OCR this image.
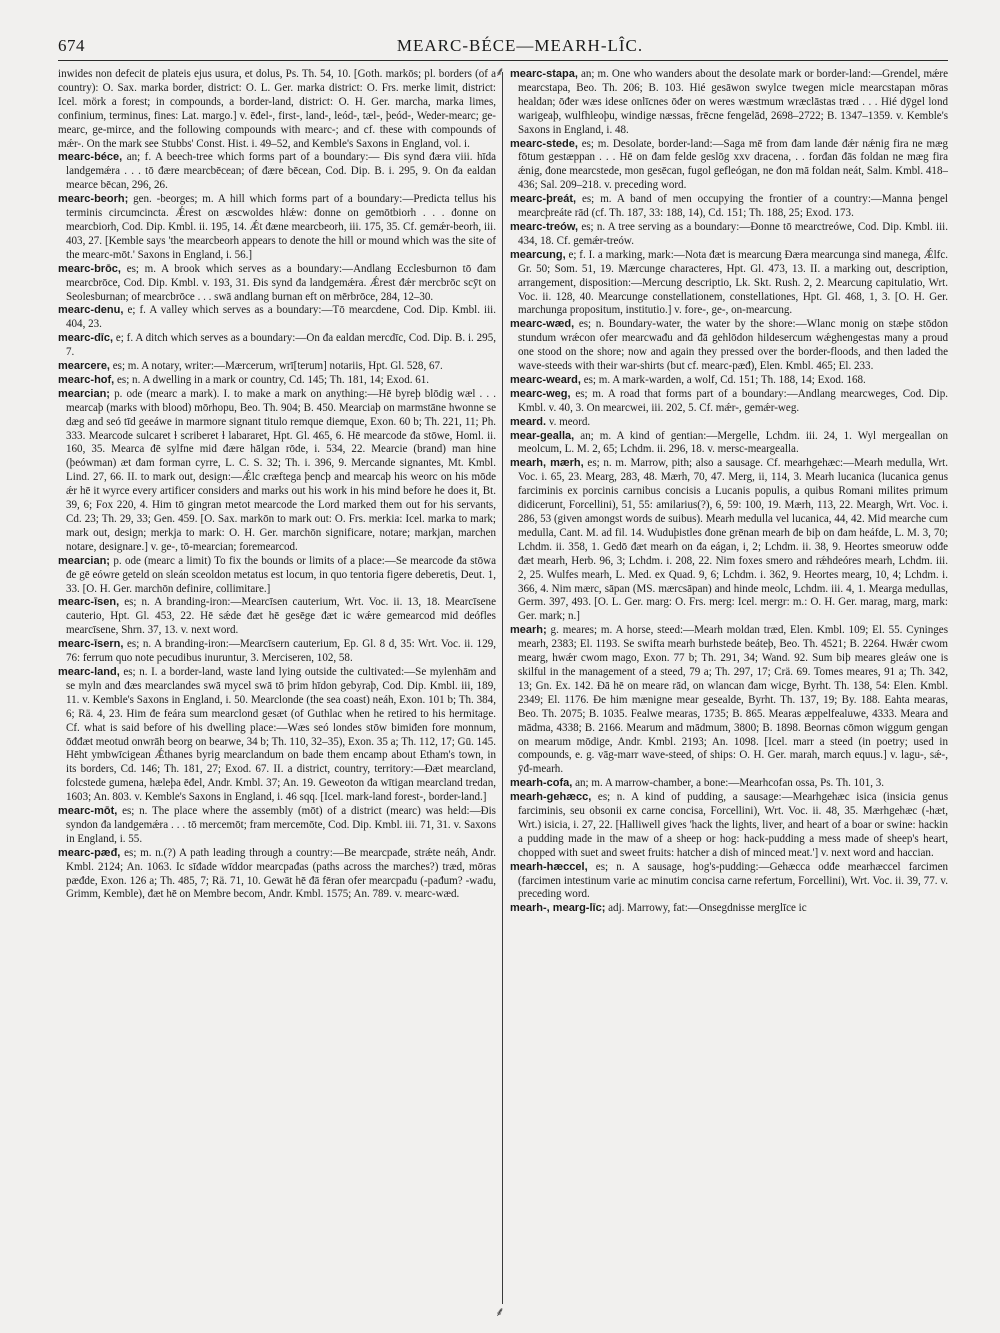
674	MEARC-BÉCE—MEARH-LÎC.
⸙
⸙

inwides non defecit de plateis ejus usura, et dolus, Ps. Th. 54, 10. [Goth. markōs; pl. borders (of a country): O. Sax. marka border, district: O. L. Ger. marka district: O. Frs. merke limit, district: Icel. mörk a forest; in compounds, a border-land, district: O. H. Ger. marcha, marka limes, confinium, terminus, fines: Lat. margo.] v. ēđel-, first-, land-, leód-, tæl-, þeód-, Weder-mearc; ge-mearc, ge-mirce, and the following compounds with mearc-; and cf. these with compounds of mǽr-. On the mark see Stubbs' Const. Hist. i. 49–52, and Kemble's Saxons in England, vol. i.

mearc-béce, an; f. A beech-tree which forms part of a boundary:— Ðis synd đæra viii. hīda landgemǽra . . . tō đære mearcbēcean; of đære bēcean, Cod. Dip. B. i. 295, 9. On đa ealdan mearce bēcan, 296, 26.

mearc-beorh; gen. -beorges; m. A hill which forms part of a boundary:—Predicta tellus his terminis circumcincta. Ǽrest on æscwoldes hlǽw: đonne on gemōtbiorh . . . đonne on mearcbiorh, Cod. Dip. Kmbl. ii. 195, 14. Ǽt đæne mearcbeorh, iii. 175, 35. Cf. gemǽr-beorh, iii. 403, 27. [Kemble says 'the mearcbeorh appears to denote the hill or mound which was the site of the mearc-mōt.' Saxons in England, i. 56.]

mearc-brōc, es; m. A brook which serves as a boundary:—Andlang Ecclesburnon tō đam mearcbrōce, Cod. Dip. Kmbl. v. 193, 31. Ðis synd đa landgemǽra. Ǽrest đǽr mercbrōc scȳt on Seolesburnan; of mearcbrōce . . . swā andlang burnan eft on mērbrōce, 284, 12–30.

mearc-denu, e; f. A valley which serves as a boundary:—Tō mearcdene, Cod. Dip. Kmbl. iii. 404, 23.

mearc-dīc, e; f. A ditch which serves as a boundary:—On đa ealdan mercdīc, Cod. Dip. B. i. 295, 7.

mearcere, es; m. A notary, writer:—Mærcerum, wrī[terum] notariis, Hpt. Gl. 528, 67.

mearc-hof, es; n. A dwelling in a mark or country, Cd. 145; Th. 181, 14; Exod. 61.

mearcian; p. ode (mearc a mark). I. to make a mark on anything:—Hē byreþ blōdig wæl . . . mearcaþ (marks with blood) mōrhopu, Beo. Th. 904; B. 450. Mearciaþ on marmstāne hwonne se dæg and seó tīd geeáwe in marmore signant titulo remque diemque, Exon. 60 b; Th. 221, 11; Ph. 333. Mearcode sulcaret ɫ scriberet ɫ labararet, Hpt. Gl. 465, 6. Hē mearcode đa stōwe, Homl. ii. 160, 35. Mearca đē sylfne mid đære hālgan rōde, i. 534, 22. Mearcie (brand) man hine (þeówman) æt đam forman cyrre, L. C. S. 32; Th. i. 396, 9. Mercande signantes, Mt. Kmbl. Lind. 27, 66. II. to mark out, design:—Ǽlc cræftega þencþ and mearcaþ his weorc on his mōde ǽr hē it wyrce every artificer considers and marks out his work in his mind before he does it, Bt. 39, 6; Fox 220, 4. Him tō gingran metot mearcode the Lord marked them out for his servants, Cd. 23; Th. 29, 33; Gen. 459. [O. Sax. markōn to mark out: O. Frs. merkia: Icel. marka to mark; mark out, design; merkja to mark: O. H. Ger. marchōn significare, notare; markjan, marchen notare, designare.] v. ge-, tō-mearcian; foremearcod.

mearcian; p. ode (mearc a limit) To fix the bounds or limits of a place:—Se mearcode đa stōwa đe gē eówre geteld on sleán sceoldon metatus est locum, in quo tentoria figere deberetis, Deut. 1, 33. [O. H. Ger. marchōn definire, collimitare.]

mearc-īsen, es; n. A branding-iron:—Mearcīsen cauterium, Wrt. Voc. ii. 13, 18. Mearcīsene cauterio, Hpt. Gl. 453, 22. Hē sǽde đæt hē gesēge đæt ic wǽre gemearcod mid deófles mearcīsene, Shrn. 37, 13. v. next word.

mearc-īsern, es; n. A branding-iron:—Mearcīsern cauterium, Ep. Gl. 8 d, 35: Wrt. Voc. ii. 129, 76: ferrum quo note pecudibus inuruntur, 3. Merciseren, 102, 58.

mearc-land, es; n. I. a border-land, waste land lying outside the cultivated:—Se mylenhām and se myln and đæs mearclandes swā mycel swā tō þrim hīdon gebyraþ, Cod. Dip. Kmbl. iii, 189, 11. v. Kemble's Saxons in England, i. 50. Mearclonde (the sea coast) neáh, Exon. 101 b; Th. 384, 6; Rä. 4, 23. Him đe feára sum mearclond gesæt (of Guthlac when he retired to his hermitage. Cf. what is said before of his dwelling place:—Wæs seó londes stōw bimiđen fore monnum, ōđđæt meotud onwrāh beorg on bearwe, 34 b; Th. 110, 32–35), Exon. 35 a; Th. 112, 17; Gū. 145. Hēht ymbwīcigean Ǽthanes byrig mearclandum on bade them encamp about Etham's town, in its borders, Cd. 146; Th. 181, 27; Exod. 67. II. a district, country, territory:—Đæt mearcland, folcstede gumena, hæleþa ēđel, Andr. Kmbl. 37; An. 19. Geweoton đa wītigan mearcland tredan, 1603; An. 803. v. Kemble's Saxons in England, i. 46 sqq. [Icel. mark-land forest-, border-land.]

mearc-mōt, es; n. The place where the assembly (mōt) of a district (mearc) was held:—Ðis syndon đa landgemǽra . . . tō mercemōt; fram mercemōte, Cod. Dip. Kmbl. iii. 71, 31. v. Saxons in England, i. 55.

mearc-pæđ, es; m. n.(?) A path leading through a country:—Be mearcpađe, strǽte neáh, Andr. Kmbl. 2124; An. 1063. Ic sīđade wīddor mearcpađas (paths across the marches?) træd, mōras pæđde, Exon. 126 a; Th. 485, 7; Rä. 71, 10. Gewāt hē đā fēran ofer mearcpađu (-pađum? -wađu, Grimm, Kemble), đæt hē on Membre becom, Andr. Kmbl. 1575; An. 789. v. mearc-wæd.

mearc-stapa, an; m. One who wanders about the desolate mark or border-land:—Grendel, mǽre mearcstapa, Beo. Th. 206; B. 103. Hié gesāwon swylce twegen micle mearcstapan mōras healdan; ōđer wæs idese onlīcnes ōđer on weres wæstmum wræclāstas træd . . . Hié dȳgel lond warigeaþ, wulfhleoþu, windige næssas, frēcne fengelād, 2698–2722; B. 1347–1359. v. Kemble's Saxons in England, i. 48.

mearc-stede, es; m. Desolate, border-land:—Saga mē from đam lande đǽr nǽnig fira ne mæg fōtum gestæppan . . . Hē on đam felde geslōg xxv dracena, . . forđan đās foldan ne mæg fira ǽnig, đone mearcstede, mon gesēcan, fugol gefleógan, ne đon mā foldan neát, Salm. Kmbl. 418–436; Sal. 209–218. v. preceding word.

mearc-þreát, es; m. A band of men occupying the frontier of a country:—Manna þengel mearcþreáte rād (cf. Th. 187, 33: 188, 14), Cd. 151; Th. 188, 25; Exod. 173.

mearc-treów, es; n. A tree serving as a boundary:—Ðonne tō mearctreówe, Cod. Dip. Kmbl. iii. 434, 18. Cf. gemǽr-treów.

mearcung, e; f. I. a marking, mark:—Nota đæt is mearcung Ðæra mearcunga sind manega, Ǽlfc. Gr. 50; Som. 51, 19. Mærcunge characteres, Hpt. Gl. 473, 13. II. a marking out, description, arrangement, disposition:—Mercung descriptio, Lk. Skt. Rush. 2, 2. Mearcung capitulatio, Wrt. Voc. ii. 128, 40. Mearcunge constellationem, constellationes, Hpt. Gl. 468, 1, 3. [O. H. Ger. marchunga propositum, institutio.] v. fore-, ge-, on-mearcung.

mearc-wæd, es; n. Boundary-water, the water by the shore:—Wlanc monig on stæþe stōdon stundum wrǽcon ofer mearcwađu and đā gehlōdon hildesercum wǽghengestas many a proud one stood on the shore; now and again they pressed over the border-floods, and then laded the wave-steeds with their war-shirts (but cf. mearc-pæđ), Elen. Kmbl. 465; El. 233.

mearc-weard, es; m. A mark-warden, a wolf, Cd. 151; Th. 188, 14; Exod. 168.

mearc-weg, es; m. A road that forms part of a boundary:—Andlang mearcweges, Cod. Dip. Kmbl. v. 40, 3. On mearcwei, iii. 202, 5. Cf. mǽr-, gemǽr-weg.

meard. v. meord.

mear-gealla, an; m. A kind of gentian:—Mergelle, Lchdm. iii. 24, 1. Wyl mergeallan on meolcum, L. M. 2, 65; Lchdm. ii. 296, 18. v. mersc-meargealla.

mearh, mærh, es; n. m. Marrow, pith; also a sausage. Cf. mearhgehæc:—Mearh medulla, Wrt. Voc. i. 65, 23. Mearg, 283, 48. Mærh, 70, 47. Merg, ii, 114, 3. Mearh lucanica (lucanica genus farciminis ex porcinis carnibus concisis a Lucanis populis, a quibus Romani milites primum didicerunt, Forcellini), 51, 55: amilarius(?), 6, 59: 100, 19. Mærh, 113, 22. Meargh, Wrt. Voc. i. 286, 53 (given amongst words de suibus). Mearh medulla vel lucanica, 44, 42. Mid mearche cum medulla, Cant. M. ad fil. 14. Wuduþistles đone grēnan mearh đe biþ on đam heáfde, L. M. 3, 70; Lchdm. ii. 358, 1. Gedō đæt mearh on đa eágan, i, 2; Lchdm. ii. 38, 9. Heortes smeoruw odđe đæt mearh, Herb. 96, 3; Lchdm. i. 208, 22. Nim foxes smero and rǽhdeóres mearh, Lchdm. iii. 2, 25. Wulfes mearh, L. Med. ex Quad. 9, 6; Lchdm. i. 362, 9. Heortes mearg, 10, 4; Lchdm. i. 366, 4. Nim mærc, sāpan (MS. mærcsāpan) and hinde meolc, Lchdm. iii. 4, 1. Mearga medullas, Germ. 397, 493. [O. L. Ger. marg: O. Frs. merg: Icel. mergr: m.: O. H. Ger. marag, marg, mark: Ger. mark; n.]

mearh; g. meares; m. A horse, steed:—Mearh moldan træd, Elen. Kmbl. 109; El. 55. Cyninges mearh, 2383; El. 1193. Se swifta mearh burhstede beáteþ, Beo. Th. 4521; B. 2264. Hwǽr cwom mearg, hwǽr cwom mago, Exon. 77 b; Th. 291, 34; Wand. 92. Sum biþ meares gleáw one is skilful in the management of a steed, 79 a; Th. 297, 17; Crä. 69. Tomes meares, 91 a; Th. 342, 13; Gn. Ex. 142. Đā hē on meare rād, on wlancan đam wicge, Byrht. Th. 138, 54: Elen. Kmbl. 2349; El. 1176. Đe him mænigne mear gesealde, Byrht. Th. 137, 19; By. 188. Eahta mearas, Beo. Th. 2075; B. 1035. Fealwe mearas, 1735; B. 865. Mearas æppelfealuwe, 4333. Meara and mādma, 4338; B. 2166. Mearum and mādmum, 3800; B. 1898. Beornas cōmon wiggum gengan on mearum mōdige, Andr. Kmbl. 2193; An. 1098. [Icel. marr a steed (in poetry; used in compounds, e. g. vāg-marr wave-steed, of ships: O. H. Ger. marah, march equus.] v. lagu-, sǽ-, ȳđ-mearh.

mearh-cofa, an; m. A marrow-chamber, a bone:—Mearhcofan ossa, Ps. Th. 101, 3.

mearh-gehæcc, es; n. A kind of pudding, a sausage:—Mearhgehæc isica (insicia genus farciminis, seu obsonii ex carne concisa, Forcellini), Wrt. Voc. ii. 48, 35. Mærhgehæc (-hæt, Wrt.) isicia, i. 27, 22. [Halliwell gives 'hack the lights, liver, and heart of a boar or swine: hackin a pudding made in the maw of a sheep or hog: hack-pudding a mess made of sheep's heart, chopped with suet and sweet fruits: hatcher a dish of minced meat.'] v. next word and haccian.

mearh-hæccel, es; n. A sausage, hog's-pudding:—Gehæcca odđe mearhæccel farcimen (farcimen intestinum varie ac minutim concisa carne refertum, Forcellini), Wrt. Voc. ii. 39, 77. v. preceding word.

mearh-, mearg-līc; adj. Marrowy, fat:—Onsegdnisse merglīce ic
